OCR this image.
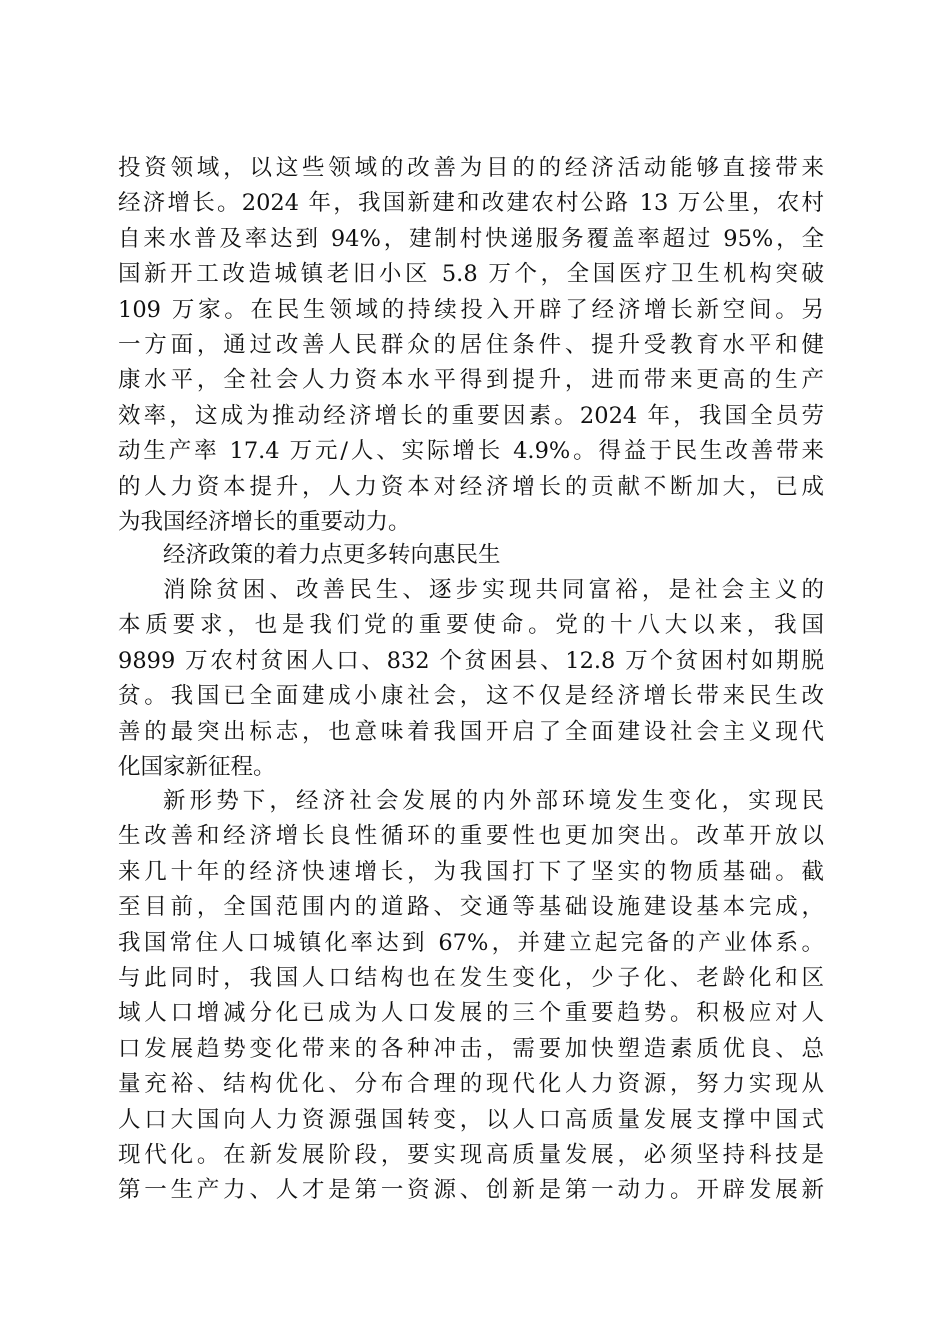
投资领域，以这些领域的改善为目的的经济活动能够直接带来
经济增长。2024 年，我国新建和改建农村公路 13 万公里，农村
自来水普及率达到 94%，建制村快递服务覆盖率超过 95%，全
国新开工改造城镇老旧小区 5.8 万个，全国医疗卫生机构突破
109 万家。在民生领域的持续投入开辟了经济增长新空间。另
一方面，通过改善人民群众的居住条件、提升受教育水平和健
康水平，全社会人力资本水平得到提升，进而带来更高的生产
效率，这成为推动经济增长的重要因素。2024 年，我国全员劳
动生产率 17.4 万元/人、实际增长 4.9%。得益于民生改善带来
的人力资本提升，人力资本对经济增长的贡献不断加大，已成
为我国经济增长的重要动力。
经济政策的着力点更多转向惠民生
消除贫困、改善民生、逐步实现共同富裕，是社会主义的
本质要求，也是我们党的重要使命。党的十八大以来，我国
9899 万农村贫困人口、832 个贫困县、12.8 万个贫困村如期脱
贫。我国已全面建成小康社会，这不仅是经济增长带来民生改
善的最突出标志，也意味着我国开启了全面建设社会主义现代
化国家新征程。
新形势下，经济社会发展的内外部环境发生变化，实现民
生改善和经济增长良性循环的重要性也更加突出。改革开放以
来几十年的经济快速增长，为我国打下了坚实的物质基础。截
至目前，全国范围内的道路、交通等基础设施建设基本完成，
我国常住人口城镇化率达到 67%，并建立起完备的产业体系。
与此同时，我国人口结构也在发生变化，少子化、老龄化和区
域人口增减分化已成为人口发展的三个重要趋势。积极应对人
口发展趋势变化带来的各种冲击，需要加快塑造素质优良、总
量充裕、结构优化、分布合理的现代化人力资源，努力实现从
人口大国向人力资源强国转变，以人口高质量发展支撑中国式
现代化。在新发展阶段，要实现高质量发展，必须坚持科技是
第一生产力、人才是第一资源、创新是第一动力。开辟发展新
